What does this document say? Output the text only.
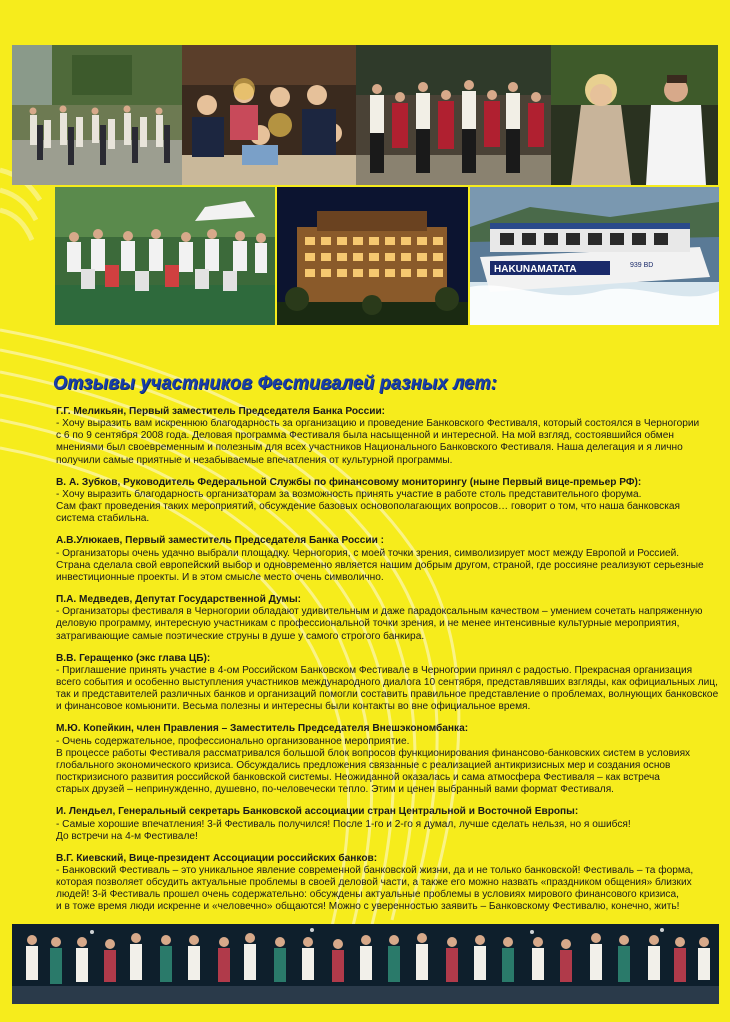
HAKUNAMATATA	939 BD
Отзывы участников Фестивалей разных лет:
Г.Г. Меликьян, Первый заместитель Председателя Банка России:
- Хочу выразить вам искреннюю благодарность за организацию и проведение Банковского Фестиваля, который состоялся в Черногории
с 6 по 9 сентября 2008 года. Деловая программа Фестиваля была насыщенной и интересной. На мой взгляд, состоявшийся обмен
мнениями был своевременным и полезным для всех участников Национального Банковского Фестиваля. Наша делегация и я лично
получили самые приятные и незабываемые впечатления от культурной программы.
В. А. Зубков, Руководитель Федеральной Службы по финансовому мониторингу (ныне Первый вице-премьер РФ):
- Хочу выразить благодарность организаторам за возможность принять участие в работе столь представительного форума.
Сам факт проведения таких мероприятий, обсуждение базовых основополагающих вопросов… говорит о том, что наша банковская
система стабильна.
А.В.Улюкаев, Первый заместитель Председателя Банка России :
- Организаторы очень удачно выбрали площадку. Черногория, с моей точки зрения, символизирует мост между Европой и Россией.
Страна сделала свой европейский выбор и одновременно является нашим добрым другом, страной, где россияне реализуют серьезные
инвестиционные проекты. И в этом смысле место очень символично.
П.А. Медведев, Депутат Государственной Думы:
- Организаторы фестиваля в Черногории обладают удивительным и даже парадоксальным качеством – умением сочетать напряженную
деловую программу, интересную участникам с профессиональной точки зрения, и не менее интенсивные культурные мероприятия,
затрагивающие самые поэтические струны в душе у самого строгого банкира.
В.В. Геращенко (экс глава ЦБ):
- Приглашение принять участие в 4-ом Российском Банковском Фестивале в Черногории принял с радостью. Прекрасная организация
всего события и особенно выступления участников международного диалога 10 сентября, представлявших взгляды, как официальных лиц,
так и представителей различных банков и организаций помогли составить правильное представление о проблемах, волнующих банковское
и финансовое комьюнити. Весьма полезны и интересны были контакты во вне официальное время.
М.Ю. Копейкин, член Правления – Заместитель Председателя Внешэкономбанка:
- Очень содержательное, профессионально организованное мероприятие.
В процессе работы Фестиваля рассматривался большой блок вопросов функционирования финансово-банковских систем в условиях
глобального экономического кризиса. Обсуждались предложения связанные с реализацией антикризисных мер и создания основ
посткризисного развития российской банковской системы. Неожиданной оказалась и сама атмосфера Фестиваля – как встреча
старых друзей – непринужденно, душевно, по-человечески тепло. Этим и ценен выбранный вами формат Фестиваля.
И. Лендьел, Генеральный секретарь Банковской ассоциации стран Центральной и Восточной Европы:
- Самые хорошие впечатления! 3-й Фестиваль получился! После 1-го и 2-го я думал, лучше сделать нельзя, но я ошибся!
До встречи на 4-м Фестивале!
В.Г. Киевский, Вице-президент Ассоциации российских банков:
- Банковский Фестиваль – это уникальное явление современной банковской жизни, да и не только банковской! Фестиваль – та форма,
которая позволяет обсудить актуальные проблемы в своей деловой части, а также его можно назвать «праздником общения» близких
людей! 3-й Фестиваль прошел очень содержательно: обсуждены актуальные проблемы в условиях мирового финансового кризиса,
и в тоже время люди искренне и «человечно» общаются! Можно с уверенностью заявить – Банковскому Фестивалю, конечно, жить!
